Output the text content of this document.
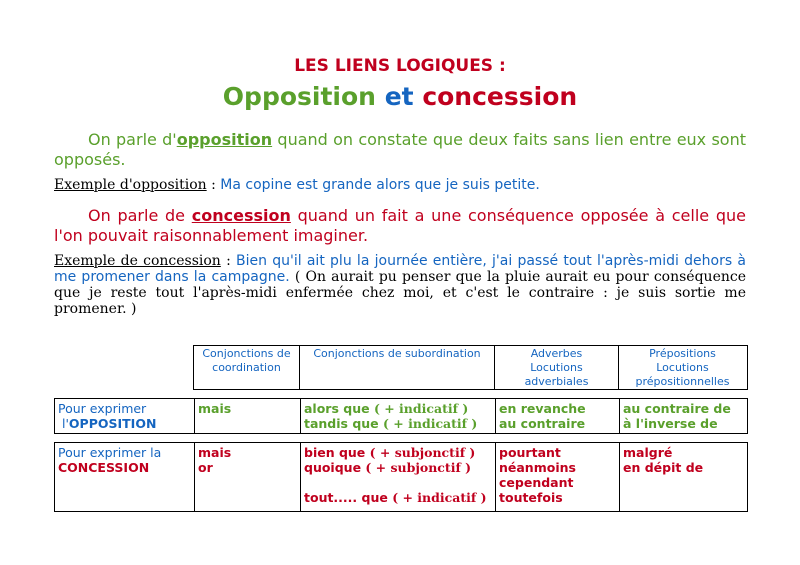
LES LIENS LOGIQUES :
Opposition et concession
On parle d'opposition quand on constate que deux faits sans lien entre eux sont opposés.
Exemple d'opposition : Ma copine est grande alors que je suis petite.
On parle de concession quand un fait a une conséquence opposée à celle que l'on pouvait raisonnablement imaginer.
Exemple de concession : Bien qu'il ait plu la journée entière, j'ai passé tout l'après-midi dehors à me promener dans la campagne. ( On aurait pu penser que la pluie aurait eu pour conséquence que je reste tout l'après-midi enfermée chez moi, et c'est le contraire : je suis sortie me promener. )
Conjonctions de coordination
Conjonctions de subordination	Adverbes
Locutions adverbiales
Prépositions
Locutions prépositionnelles
Pour exprimer
l'OPPOSITION
mais	alors que ( + indicatif )
tandis que ( + indicatif )
en revanche
au contraire
au contraire de
à l'inverse de
Pour exprimer la
CONCESSION
mais
or
bien que ( + subjonctif )
quoique ( + subjonctif )
tout..... que ( + indicatif )
pourtant
néanmoins
cependant
toutefois
malgré
en dépit de
